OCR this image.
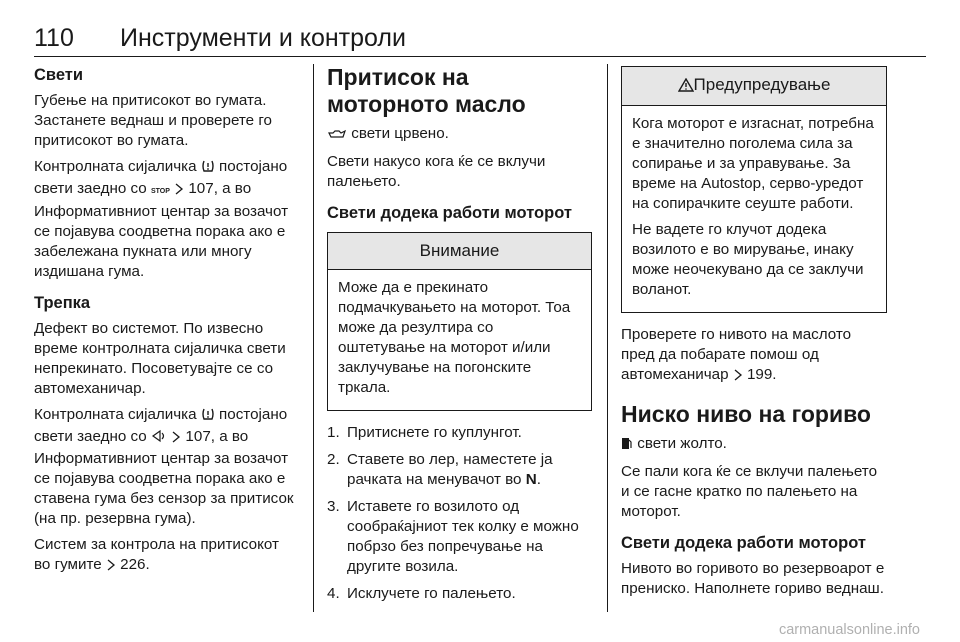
110 Инструменти и контроли
Свети

Губење на притисокот во гумата. Застанете веднаш и проверете го притисокот во гумата.

Контролната сијаличка  постојано свети заедно со STOP  107, а во Информативниот центар за возачот се појавува соодветна порака ако е забележана пукната или многу издишана гума.

Трепка

Дефект во системот. По извесно време контролната сијаличка свети непрекинато. Посоветувајте се со автомеханичар.

Контролната сијаличка  постојано свети заедно со   107, а во Информативниот центар за возачот се појавува соодветна порака ако е ставена гума без сензор за притисок (на пр. резервна гума).

Систем за контрола на притисокот во гумите  226.

Притисок на моторното масло

свети црвено.

Свети накусо кога ќе се вклучи палењето.

Свети додека работи моторот
Внимание

Може да е прекинато подмачкувањето на моторот. Тоа може да резултира со оштетување на моторот и/или заклучување на погонските тркала.

1. Притиснете го куплунгот.
2. Ставете во лер, наместете ја рачката на менувачот во N.
3. Иставете го возилото од сообраќајниот тек колку е можно побрзо без попречување на другите возила.
4. Исклучете го палењето.
Предупредување

Кога моторот е изгаснат, потребна е значително поголема сила за сопирање и за управување. За време на Autostop, серво-уредот на сопирачките сеуште работи.

Не вадете го клучот додека возилото е во мирување, инаку може неочекувано да се заклучи воланот.

Проверете го нивото на маслото пред да побарате помош од автомеханичар  199.

Ниско ниво на гориво

свети жолто.

Се пали кога ќе се вклучи палењето и се гасне кратко по палењето на моторот.

Свети додека работи моторот

Нивото во горивото во резервоарот е прениско. Наполнете гориво веднаш.

carmanualsonline.info
